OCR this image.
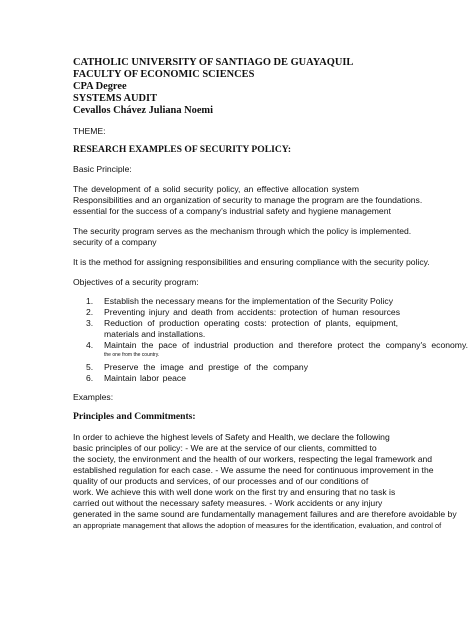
CATHOLIC UNIVERSITY OF SANTIAGO DE GUAYAQUIL
FACULTY OF ECONOMIC SCIENCES
CPA Degree
SYSTEMS AUDIT
Cevallos Chávez Juliana Noemi
THEME:
RESEARCH EXAMPLES OF SECURITY POLICY:
Basic Principle:
The development of a solid security policy, an effective allocation system
Responsibilities and an organization of security to manage the program are the foundations.
essential for the success of a company's industrial safety and hygiene management
The security program serves as the mechanism through which the policy is implemented.
security of a company
It is the method for assigning responsibilities and ensuring compliance with the security policy.
Objectives of a security program:
1. Establish the necessary means for the implementation of the Security Policy
2. Preventing injury and death from accidents: protection of human resources
3. Reduction of production operating costs: protection of plants, equipment,
materials and installations.
4. Maintain the pace of industrial production and therefore protect the company's economy.
the one from the country.
5. Preserve the image and prestige of the company
6. Maintain labor peace
Examples:
Principles and Commitments:
In order to achieve the highest levels of Safety and Health, we declare the following
basic principles of our policy: - We are at the service of our clients, committed to
the society, the environment and the health of our workers, respecting the legal framework and
established regulation for each case. - We assume the need for continuous improvement in the
quality of our products and services, of our processes and of our conditions of
work. We achieve this with well done work on the first try and ensuring that no task is
carried out without the necessary safety measures. - Work accidents or any injury
generated in the same sound are fundamentally management failures and are therefore avoidable by
an appropriate management that allows the adoption of measures for the identification, evaluation, and control of
